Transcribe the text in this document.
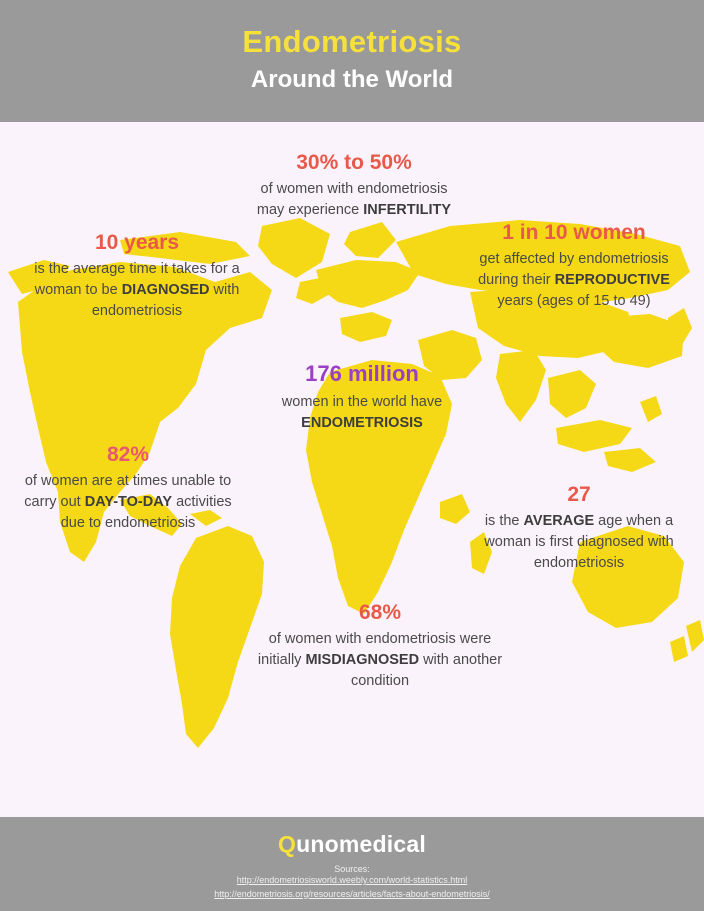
Endometriosis
Around the World
10 years
is the average time it takes for a woman to be DIAGNOSED with endometriosis
30% to 50%
of women with endometriosis may experience INFERTILITY
1 in 10 women
get affected by endometriosis during their REPRODUCTIVE years (ages of 15 to 49)
82%
of women are at times unable to carry out DAY-TO-DAY activities due to endometriosis
176 million
women in the world have ENDOMETRIOSIS
27
is the AVERAGE age when a woman is first diagnosed with endometriosis
68%
of women with endometriosis were initially MISDIAGNOSED with another condition
Qunomedical
Sources:
http://endometriosisworld.weebly.com/world-statistics.html
http://endometriosis.org/resources/articles/facts-about-endometriosis/
